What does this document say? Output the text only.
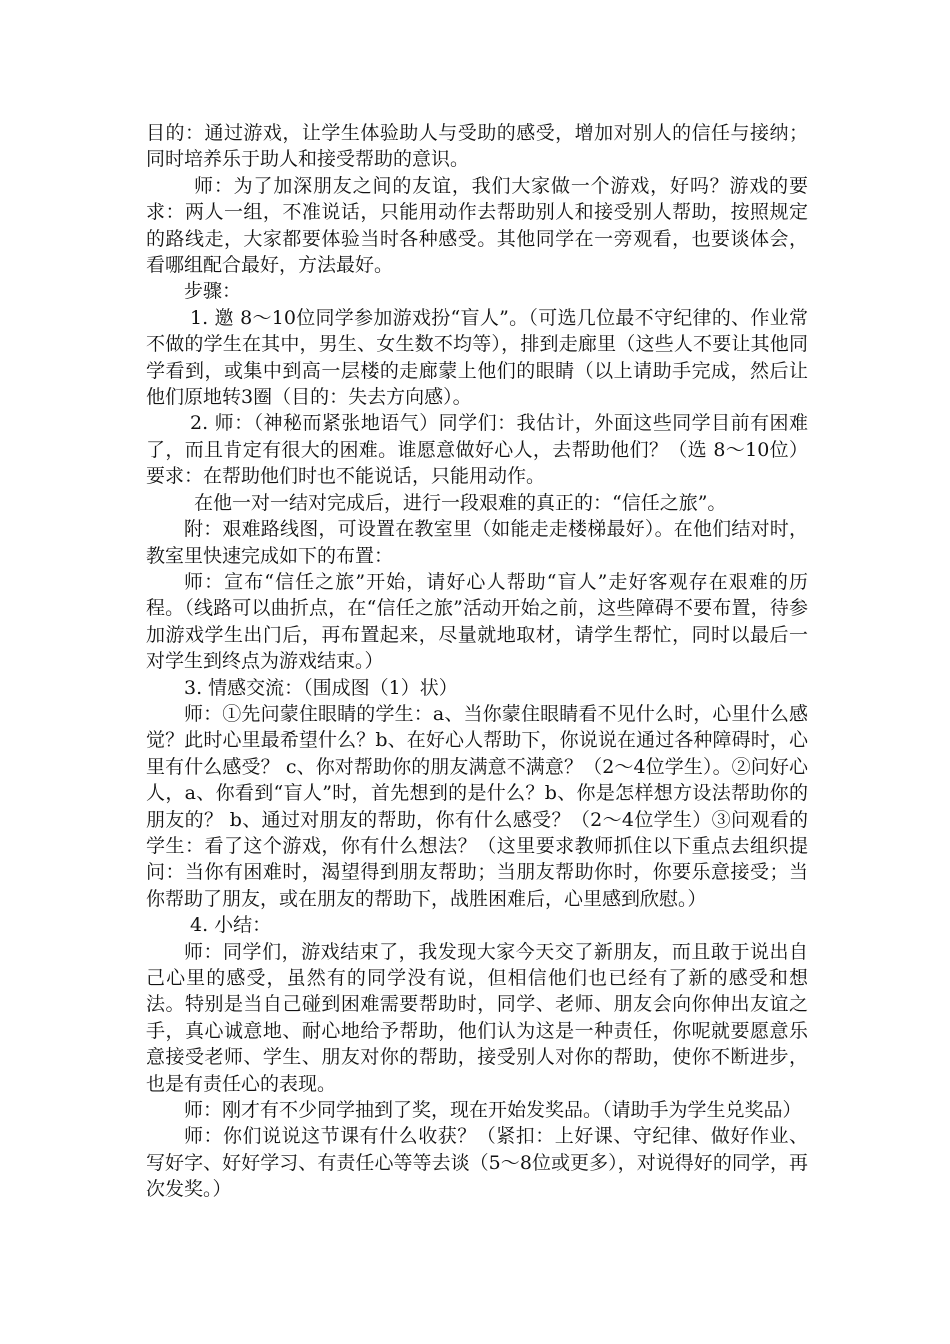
目的：通过游戏，让学生体验助人与受助的感受，增加对别人的信任与接纳；同时培养乐于助人和接受帮助的意识。

师：为了加深朋友之间的友谊，我们大家做一个游戏，好吗？游戏的要求：两人一组，不准说话，只能用动作去帮助别人和接受别人帮助，按照规定的路线走，大家都要体验当时各种感受。其他同学在一旁观看，也要谈体会，看哪组配合最好，方法最好。

步骤：

1. 邀 8～10位同学参加游戏扮“盲人”。（可选几位最不守纪律的、作业常不做的学生在其中，男生、女生数不均等），排到走廊里（这些人不要让其他同学看到，或集中到高一层楼的走廊蒙上他们的眼睛（以上请助手完成，然后让他们原地转3圈（目的：失去方向感）。

2. 师：（神秘而紧张地语气）同学们：我估计，外面这些同学目前有困难了，而且肯定有很大的困难。谁愿意做好心人，去帮助他们？（选 8～10位）要求：在帮助他们时也不能说话，只能用动作。

在他一对一结对完成后，进行一段艰难的真正的：“信任之旅”。

附：艰难路线图，可设置在教室里（如能走走楼梯最好）。在他们结对时，教室里快速完成如下的布置：

师：宣布“信任之旅”开始，请好心人帮助“盲人”走好客观存在艰难的历程。（线路可以曲折点，在“信任之旅”活动开始之前，这些障碍不要布置，待参加游戏学生出门后，再布置起来，尽量就地取材，请学生帮忙，同时以最后一对学生到终点为游戏结束。）

3. 情感交流：（围成图（1）状）

师：①先问蒙住眼睛的学生：a、当你蒙住眼睛看不见什么时，心里什么感觉？此时心里最希望什么？b、在好心人帮助下，你说说在通过各种障碍时，心里有什么感受？ c、你对帮助你的朋友满意不满意？（2～4位学生）。②问好心人，a、你看到“盲人”时，首先想到的是什么？b、你是怎样想方设法帮助你的朋友的？ b、通过对朋友的帮助，你有什么感受？（2～4位学生）③问观看的学生：看了这个游戏，你有什么想法？（这里要求教师抓住以下重点去组织提问：当你有困难时，渴望得到朋友帮助；当朋友帮助你时，你要乐意接受；当你帮助了朋友，或在朋友的帮助下，战胜困难后，心里感到欣慰。）

4. 小结：

师：同学们，游戏结束了，我发现大家今天交了新朋友，而且敢于说出自己心里的感受，虽然有的同学没有说，但相信他们也已经有了新的感受和想法。特别是当自己碰到困难需要帮助时，同学、老师、朋友会向你伸出友谊之手，真心诚意地、耐心地给予帮助，他们认为这是一种责任，你呢就要愿意乐意接受老师、学生、朋友对你的帮助，接受别人对你的帮助，使你不断进步，也是有责任心的表现。

师：刚才有不少同学抽到了奖，现在开始发奖品。（请助手为学生兑奖品）

师：你们说说这节课有什么收获？（紧扣：上好课、守纪律、做好作业、写好字、好好学习、有责任心等等去谈（5～8位或更多），对说得好的同学，再次发奖。）
